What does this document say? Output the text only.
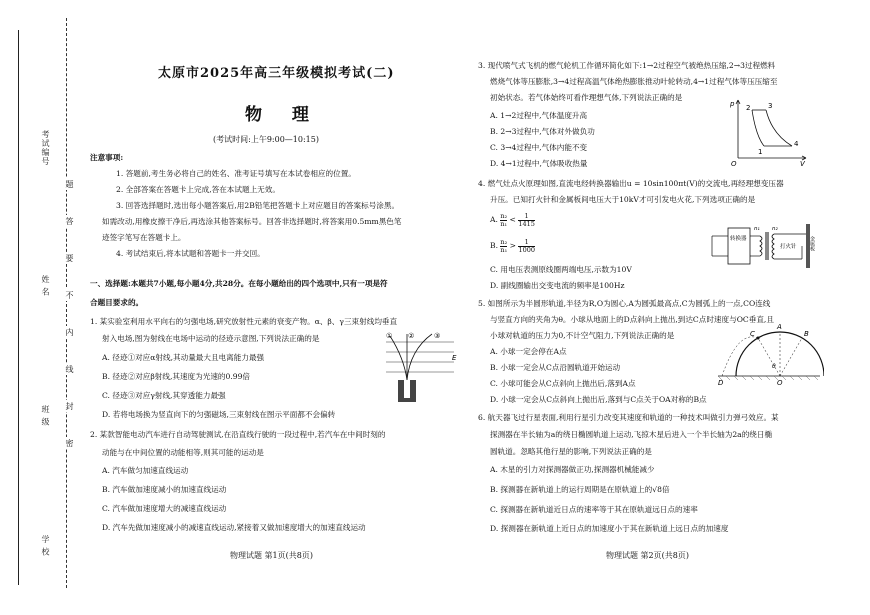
考试编号
姓 名
班 级
学 校
题
答
要
不
内
线
封
密
太原市2025年高三年级模拟考试(二)
物 理
(考试时间:上午9:00—10:15)
注意事项:
1. 答题前,考生务必将自己的姓名、准考证号填写在本试卷相应的位置。
2. 全部答案在答题卡上完成,答在本试题上无效。
3. 回答选择题时,选出每小题答案后,用2B铅笔把答题卡上对应题目的答案标号涂黑。
如需改动,用橡皮擦干净后,再选涂其他答案标号。回答非选择题时,将答案用0.5mm黑色笔
迹签字笔写在答题卡上。
4. 考试结束后,将本试题和答题卡一并交回。
一、选择题:本题共7小题,每小题4分,共28分。在每小题给出的四个选项中,只有一项是符
合题目要求的。
1. 某实验室利用水平向右的匀强电场,研究放射性元素的衰变产物。α、β、γ三束射线均垂直
射入电场,图为射线在电场中运动的径迹示意图,下列说法正确的是
A. 径迹①对应α射线,其动量最大且电离能力最强
B. 径迹②对应β射线,其速度为光速的0.99倍
C. 径迹③对应γ射线,其穿透能力最强
D. 若将电场换为竖直向下的匀强磁场,三束射线在图示平面都不会偏转
① ②	③
E
2. 某款智能电动汽车进行自动驾驶测试,在沿直线行驶的一段过程中,若汽车在中间时刻的
动能与在中间位置的动能相等,则其可能的运动是
A. 汽车做匀加速直线运动
B. 汽车做加速度减小的加速直线运动
C. 汽车做加速度增大的减速直线运动
D. 汽车先做加速度减小的减速直线运动,紧接着又做加速度增大的加速直线运动
物理试题 第1页(共8页)
3. 现代喷气式飞机的燃气轮机工作循环简化如下:1→2过程空气被绝热压缩,2→3过程燃料
燃烧气体等压膨胀,3→4过程高温气体绝热膨胀推动叶轮转动,4→1过程气体等压压缩至
初始状态。若气体始终可看作理想气体,下列说法正确的是
A. 1→2过程中,气体温度升高
B. 2→3过程中,气体对外做负功
C. 3→4过程中,气体内能不变
D. 4→1过程中,气体吸收热量
p
V
O
1
2	3
4
4. 燃气灶点火原理如图,直流电经转换器输出u = 10sin100πt(V)的交流电,再经理想变压器
升压。已知打火针和金属板间电压大于10kV才可引发电火花,下列选项正确的是
A. $\frac{\text{n₂}}{\text{n₁}} < \frac{1}{1415}$
B. $\frac{\text{n₂}}{\text{n₁}} > \frac{1}{1000}$
C. 用电压表测原线圈两端电压,示数为10V
D. 副线圈输出交变电流的频率是100Hz
转换器
n₁ n₂
打火针 金属板
5. 如图所示为半圆形轨道,半径为R,O为圆心,A为圆弧最高点,C为圆弧上的一点,CO连线
与竖直方向的夹角为θ。小球从地面上的D点斜向上抛出,到达C点时速度与OC垂直,且
小球对轨道的压力为0,不计空气阻力,下列说法正确的是
A. 小球一定会停在A点
B. 小球一定会从C点沿圆轨道开始运动
C. 小球可能会从C点斜向上抛出后,落到A点
D. 小球一定会从C点斜向上抛出后,落到与C点关于OA对称的B点
A
C	B
D	O
θ
6. 航天器飞过行星表面,利用行星引力改变其速度和轨道的一种技术叫做引力弹弓效应。某
探测器在半长轴为a的绕日椭圆轨道上运动,飞掠木星后进入一个半长轴为2a的绕日椭
圆轨道。忽略其他行星的影响,下列说法正确的是
A. 木星的引力对探测器做正功,探测器机械能减少
B. 探测器在新轨道上的运行周期是在原轨道上的√8倍
C. 探测器在新轨道近日点的速率等于其在原轨道远日点的速率
D. 探测器在新轨道上近日点的加速度小于其在新轨道上远日点的加速度
物理试题 第2页(共8页)
